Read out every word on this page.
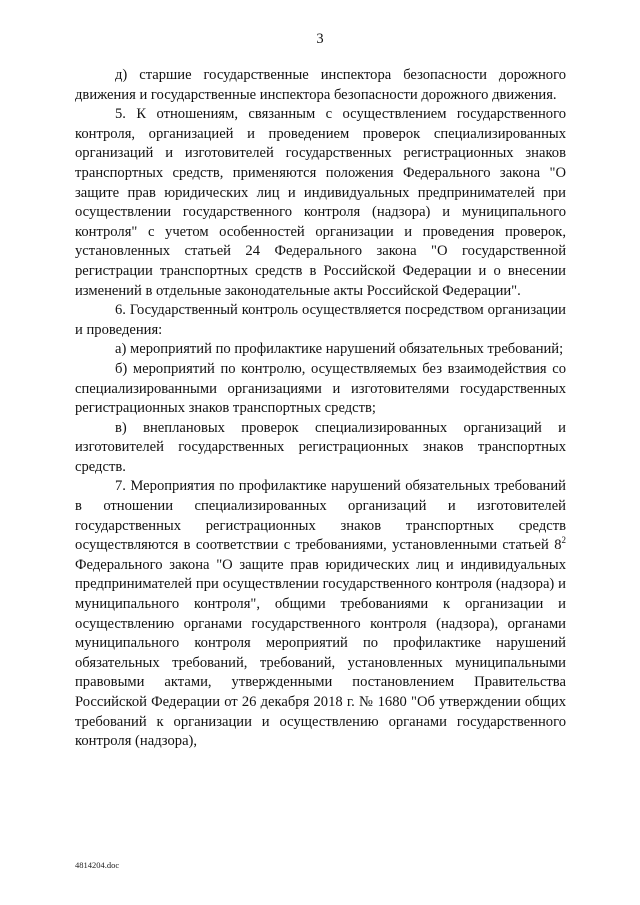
3

д) старшие государственные инспектора безопасности дорожного движения и государственные инспектора безопасности дорожного движения.

5. К отношениям, связанным с осуществлением государственного контроля, организацией и проведением проверок специализированных организаций и изготовителей государственных регистрационных знаков транспортных средств, применяются положения Федерального закона "О защите прав юридических лиц и индивидуальных предпринимателей при осуществлении государственного контроля (надзора) и муниципального контроля" с учетом особенностей организации и проведения проверок, установленных статьей 24 Федерального закона "О государственной регистрации транспортных средств в Российской Федерации и о внесении изменений в отдельные законодательные акты Российской Федерации".

6. Государственный контроль осуществляется посредством организации и проведения:

а) мероприятий по профилактике нарушений обязательных требований;

б) мероприятий по контролю, осуществляемых без взаимодействия со специализированными организациями и изготовителями государственных регистрационных знаков транспортных средств;

в) внеплановых проверок специализированных организаций и изготовителей государственных регистрационных знаков транспортных средств.

7. Мероприятия по профилактике нарушений обязательных требований в отношении специализированных организаций и изготовителей государственных регистрационных знаков транспортных средств осуществляются в соответствии с требованиями, установленными статьей $8^2$ Федерального закона "О защите прав юридических лиц и индивидуальных предпринимателей при осуществлении государственного контроля (надзора) и муниципального контроля", общими требованиями к организации и осуществлению органами государственного контроля (надзора), органами муниципального контроля мероприятий по профилактике нарушений обязательных требований, требований, установленных муниципальными правовыми актами, утвержденными постановлением Правительства Российской Федерации от 26 декабря 2018 г. № 1680 "Об утверждении общих требований к организации и осуществлению органами государственного контроля (надзора),

4814204.doc
